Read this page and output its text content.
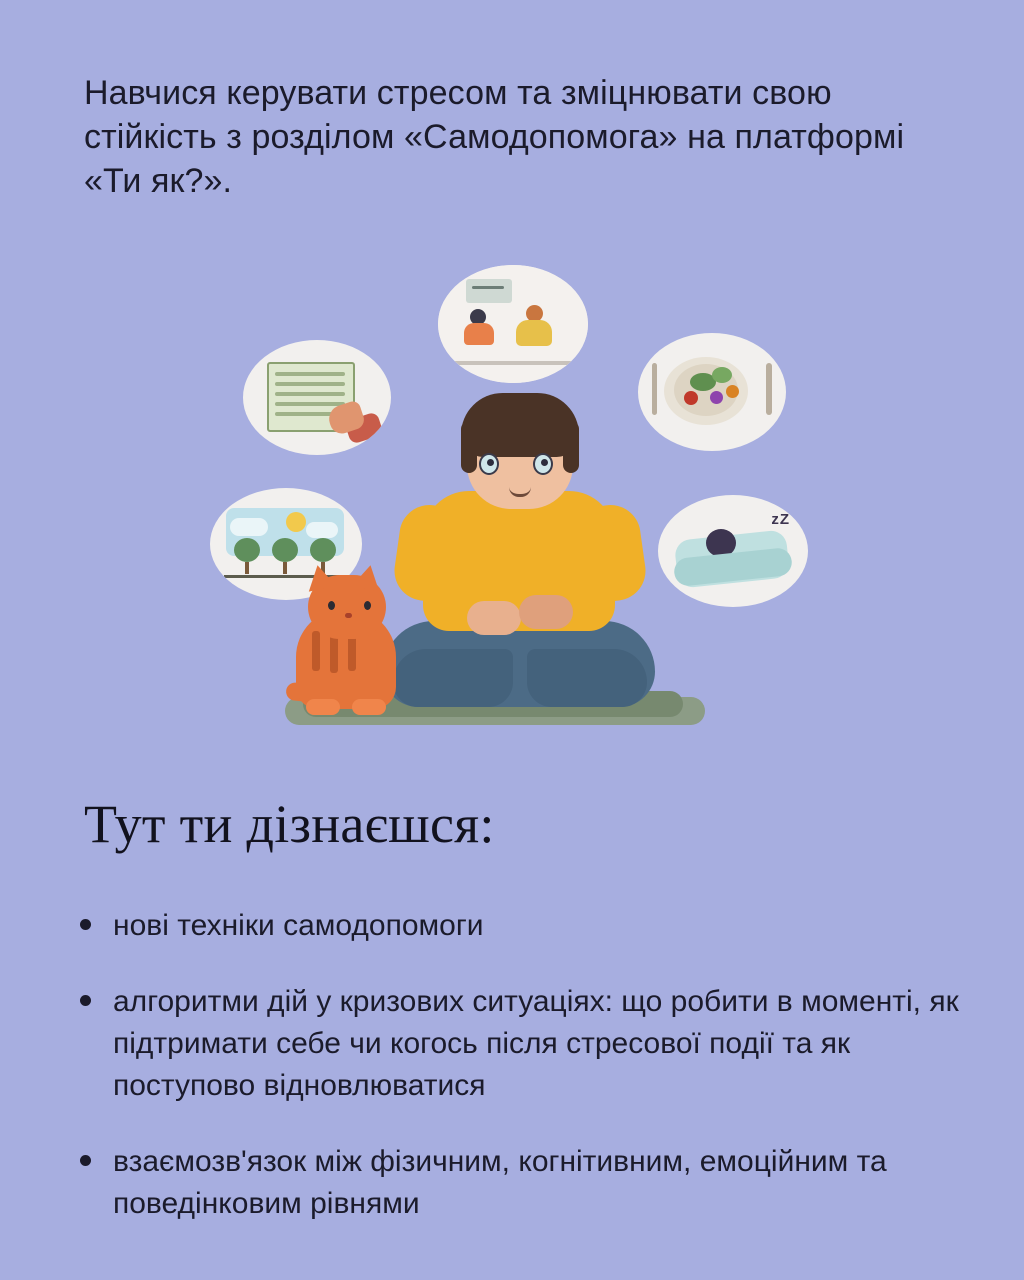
Навчися керувати стресом та зміцнювати свою стійкість з розділом «Самодопомога» на платформі «Ти як?».
zZ
Тут ти дізнаєшся:
нові техніки самодопомоги
алгоритми дій у кризових ситуаціях: що робити в моменті, як підтримати себе чи когось після стресової події та як поступово відновлюватися
взаємозв'язок між фізичним, когнітивним, емоційним та поведінковим рівнями
